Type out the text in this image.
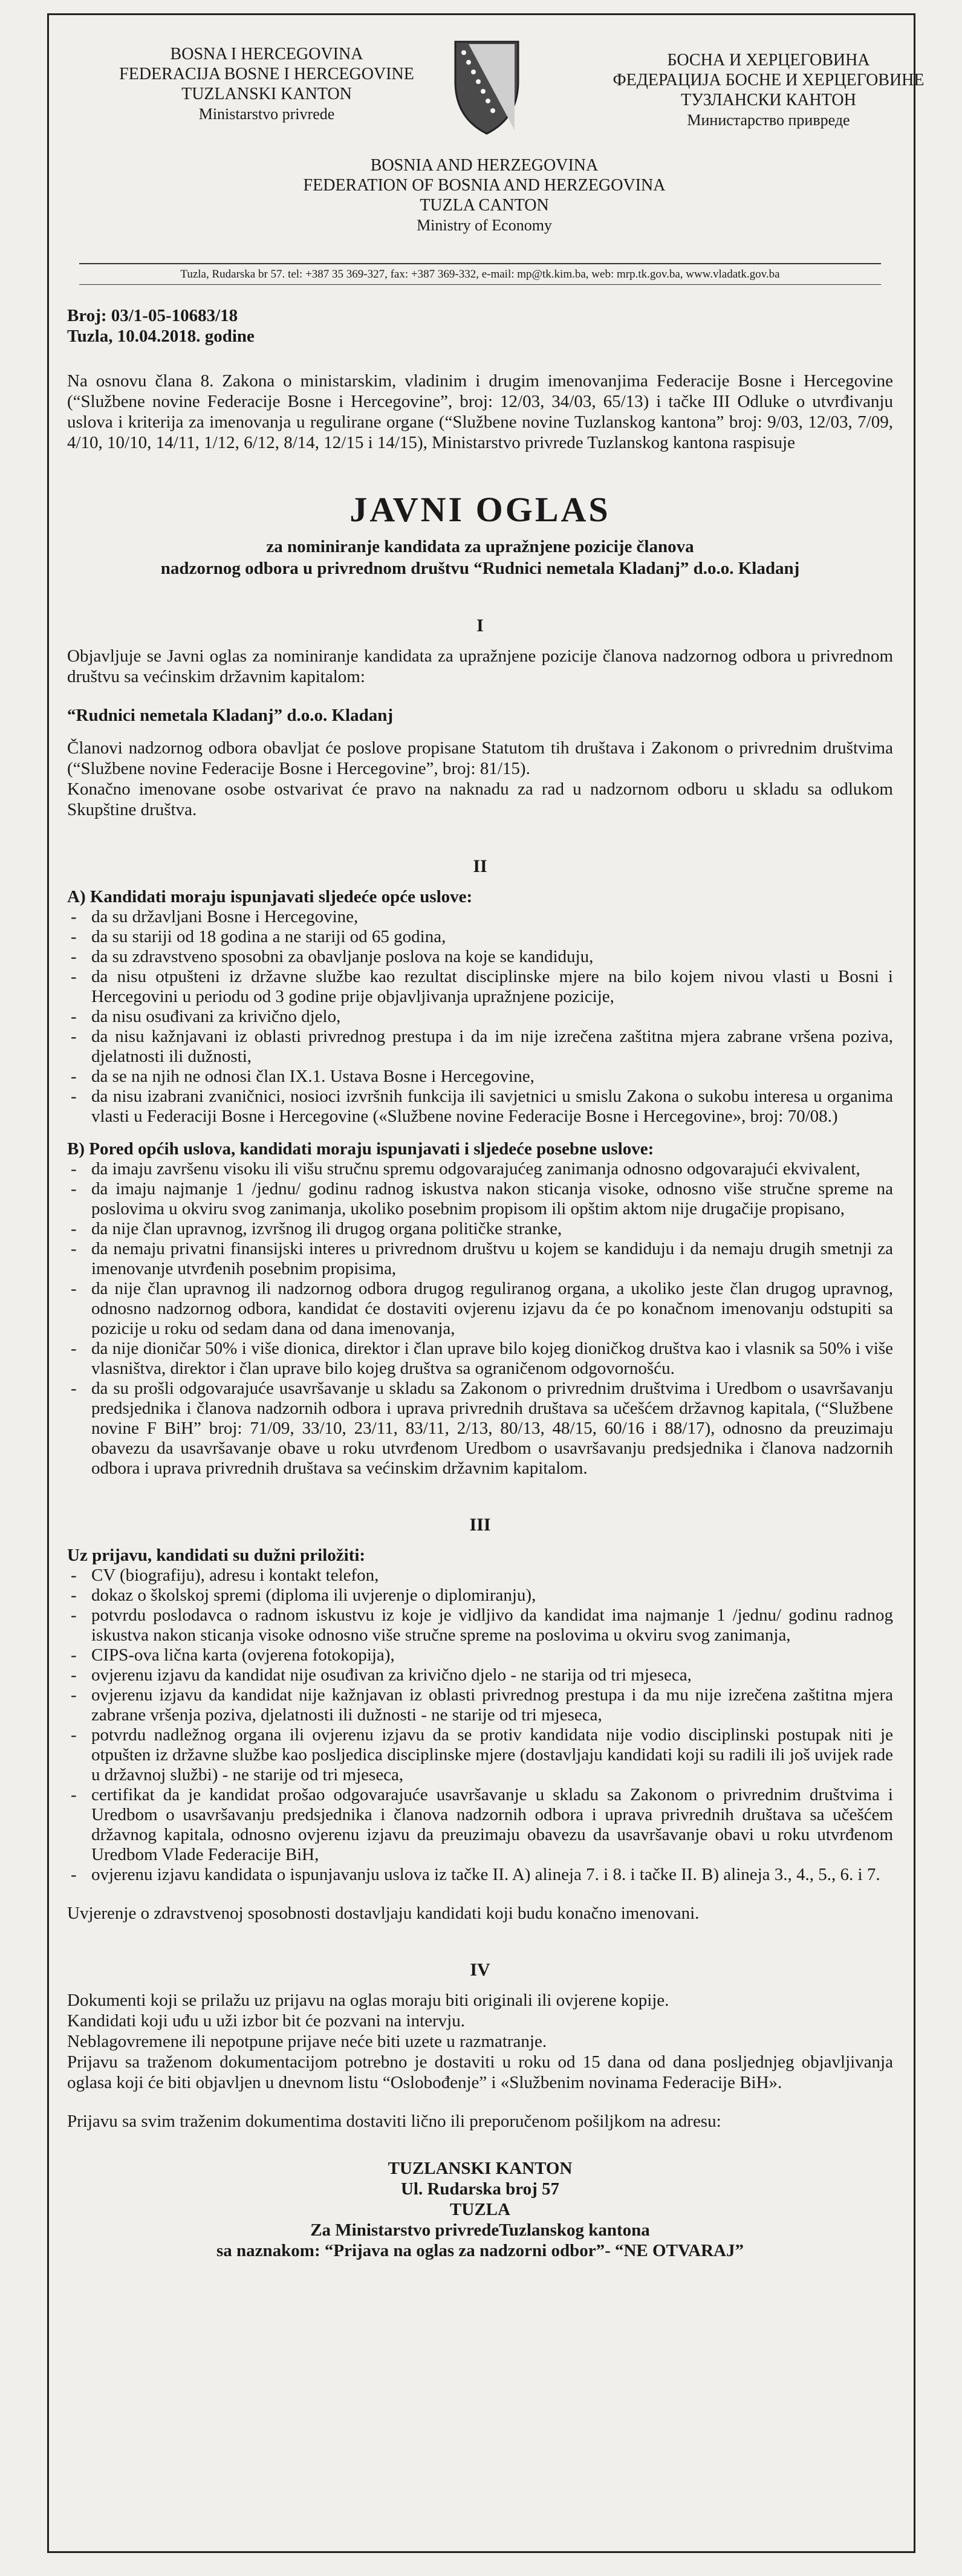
BOSNA I HERCEGOVINA
FEDERACIJA BOSNE I HERCEGOVINE
TUZLANSKI KANTON
Ministarstvo privrede
БОСНА И ХЕРЦЕГОВИНА
ФЕДЕРАЦИЈА БОСНЕ И ХЕРЦЕГОВИНЕ
ТУЗЛАНСКИ КАНТОН
Министарство привреде
BOSNIA AND HERZEGOVINA
FEDERATION OF BOSNIA AND HERZEGOVINA
TUZLA CANTON
Ministry of Economy
Tuzla, Rudarska br 57. tel: +387 35 369-327, fax: +387 369-332, e-mail: mp@tk.kim.ba, web: mrp.tk.gov.ba, www.vladatk.gov.ba
Broj: 03/1-05-10683/18
Tuzla, 10.04.2018. godine

Na osnovu člana 8. Zakona o ministarskim, vladinim i drugim imenovanjima Federacije Bosne i Hercegovine (“Službene novine Federacije Bosne i Hercegovine”, broj: 12/03, 34/03, 65/13) i tačke III Odluke o utvrđivanju uslova i kriterija za imenovanja u regulirane organe (“Službene novine Tuzlanskog kantona” broj: 9/03, 12/03, 7/09, 4/10, 10/10, 14/11, 1/12, 6/12, 8/14, 12/15 i 14/15), Ministarstvo privrede Tuzlanskog kantona raspisuje

JAVNI OGLAS
za nominiranje kandidata za upražnjene pozicije članova
nadzornog odbora u privrednom društvu “Rudnici nemetala Kladanj” d.o.o. Kladanj
I

Objavljuje se Javni oglas za nominiranje kandidata za upražnjene pozicije članova nadzornog odbora u privrednom društvu sa većinskim državnim kapitalom:

“Rudnici nemetala Kladanj” d.o.o. Kladanj

Članovi nadzornog odbora obavljat će poslove propisane Statutom tih društava i Zakonom o privrednim društvima (“Službene novine Federacije Bosne i Hercegovine”, broj: 81/15).

Konačno imenovane osobe ostvarivat će pravo na naknadu za rad u nadzornom odboru u skladu sa odlukom Skupštine društva.

II

A) Kandidati moraju ispunjavati sljedeće opće uslove:

- da su državljani Bosne i Hercegovine,
- da su stariji od 18 godina a ne stariji od 65 godina,
- da su zdravstveno sposobni za obavljanje poslova na koje se kandiduju,
- da nisu otpušteni iz državne službe kao rezultat disciplinske mjere na bilo kojem nivou vlasti u Bosni i Hercegovini u periodu od 3 godine prije objavljivanja upražnjene pozicije,
- da nisu osuđivani za krivično djelo,
- da nisu kažnjavani iz oblasti privrednog prestupa i da im nije izrečena zaštitna mjera zabrane vršena poziva, djelatnosti ili dužnosti,
- da se na njih ne odnosi član IX.1. Ustava Bosne i Hercegovine,
- da nisu izabrani zvaničnici, nosioci izvršnih funkcija ili savjetnici u smislu Zakona o sukobu interesa u organima vlasti u Federaciji Bosne i Hercegovine («Službene novine Federacije Bosne i Hercegovine», broj: 70/08.)

B) Pored općih uslova, kandidati moraju ispunjavati i sljedeće posebne uslove:

- da imaju završenu visoku ili višu stručnu spremu odgovarajućeg zanimanja odnosno odgovarajući ekvivalent,
- da imaju najmanje 1 /jednu/ godinu radnog iskustva nakon sticanja visoke, odnosno više stručne spreme na poslovima u okviru svog zanimanja, ukoliko posebnim propisom ili opštim aktom nije drugačije propisano,
- da nije član upravnog, izvršnog ili drugog organa političke stranke,
- da nemaju privatni finansijski interes u privrednom društvu u kojem se kandiduju i da nemaju drugih smetnji za imenovanje utvrđenih posebnim propisima,
- da nije član upravnog ili nadzornog odbora drugog reguliranog organa, a ukoliko jeste član drugog upravnog, odnosno nadzornog odbora, kandidat će dostaviti ovjerenu izjavu da će po konačnom imenovanju odstupiti sa pozicije u roku od sedam dana od dana imenovanja,
- da nije dioničar 50% i više dionica, direktor i član uprave bilo kojeg dioničkog društva kao i vlasnik sa 50% i više vlasništva, direktor i član uprave bilo kojeg društva sa ograničenom odgovornošću.
- da su prošli odgovarajuće usavršavanje u skladu sa Zakonom o privrednim društvima i Uredbom o usavršavanju predsjednika i članova nadzornih odbora i uprava privrednih društava sa učešćem državnog kapitala, (“Službene novine F BiH” broj: 71/09, 33/10, 23/11, 83/11, 2/13, 80/13, 48/15, 60/16 i 88/17), odnosno da preuzimaju obavezu da usavršavanje obave u roku utvrđenom Uredbom o usavršavanju predsjednika i članova nadzornih odbora i uprava privrednih društava sa većinskim državnim kapitalom.
III

Uz prijavu, kandidati su dužni priložiti:

- CV (biografiju), adresu i kontakt telefon,
- dokaz o školskoj spremi (diploma ili uvjerenje o diplomiranju),
- potvrdu poslodavca o radnom iskustvu iz koje je vidljivo da kandidat ima najmanje 1 /jednu/ godinu radnog iskustva nakon sticanja visoke odnosno više stručne spreme na poslovima u okviru svog zanimanja,
- CIPS-ova lična karta (ovjerena fotokopija),
- ovjerenu izjavu da kandidat nije osuđivan za krivično djelo - ne starija od tri mjeseca,
- ovjerenu izjavu da kandidat nije kažnjavan iz oblasti privrednog prestupa i da mu nije izrečena zaštitna mjera zabrane vršenja poziva, djelatnosti ili dužnosti - ne starije od tri mjeseca,
- potvrdu nadležnog organa ili ovjerenu izjavu da se protiv kandidata nije vodio disciplinski postupak niti je otpušten iz državne službe kao posljedica disciplinske mjere (dostavljaju kandidati koji su radili ili još uvijek rade u državnoj službi) - ne starije od tri mjeseca,
- certifikat da je kandidat prošao odgovarajuće usavršavanje u skladu sa Zakonom o privrednim društvima i Uredbom o usavršavanju predsjednika i članova nadzornih odbora i uprava privrednih društava sa učešćem državnog kapitala, odnosno ovjerenu izjavu da preuzimaju obavezu da usavršavanje obavi u roku utvrđenom Uredbom Vlade Federacije BiH,
- ovjerenu izjavu kandidata o ispunjavanju uslova iz tačke II. A) alineja 7. i 8. i tačke II. B) alineja 3., 4., 5., 6. i 7.

Uvjerenje o zdravstvenoj sposobnosti dostavljaju kandidati koji budu konačno imenovani.

IV

Dokumenti koji se prilažu uz prijavu na oglas moraju biti originali ili ovjerene kopije.

Kandidati koji uđu u uži izbor bit će pozvani na intervju.

Neblagovremene ili nepotpune prijave neće biti uzete u razmatranje.

Prijavu sa traženom dokumentacijom potrebno je dostaviti u roku od 15 dana od dana posljednjeg objavljivanja oglasa koji će biti objavljen u dnevnom listu “Oslobođenje” i «Službenim novinama Federacije BiH».

Prijavu sa svim traženim dokumentima dostaviti lično ili preporučenom pošiljkom na adresu:

TUZLANSKI KANTON
Ul. Rudarska broj 57
TUZLA
Za Ministarstvo privredeTuzlanskog kantona
sa naznakom: “Prijava na oglas za nadzorni odbor”- “NE OTVARAJ”
